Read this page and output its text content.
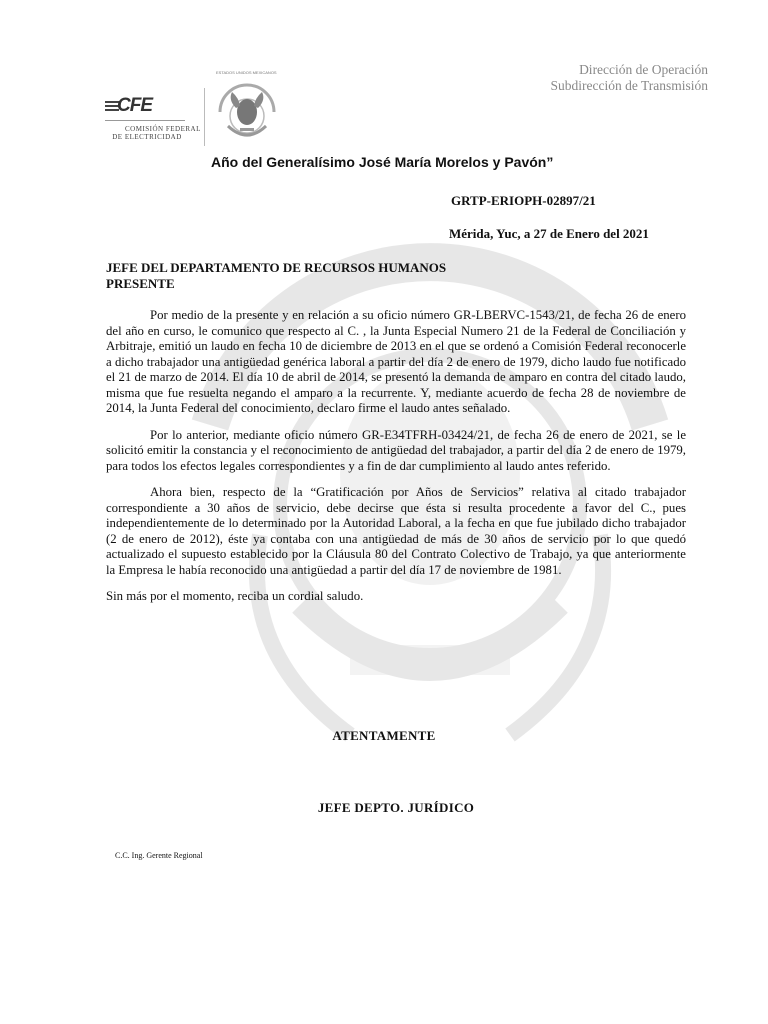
CFE
COMISIÓN FEDERAL
DE ELECTRICIDAD
ESTADOS UNIDOS MEXICANOS	Dirección de Operación
Subdirección de Transmisión
Año del Generalísimo José María Morelos y Pavón”
GRTP-ERIOPH-02897/21
Mérida, Yuc, a 27 de Enero del 2021
JEFE DEL DEPARTAMENTO DE RECURSOS HUMANOS
PRESENTE

Por medio de la presente y en relación a su oficio número GR-LBERVC-1543/21, de fecha 26 de enero del año en curso, le comunico que respecto al C. , la Junta Especial Numero 21 de la Federal de Conciliación y Arbitraje, emitió un laudo en fecha 10 de diciembre de 2013 en el que se ordenó a Comisión Federal reconocerle a dicho trabajador una antigüedad genérica laboral a partir del día 2 de enero de 1979, dicho laudo fue notificado el 21 de marzo de 2014. El día 10 de abril de 2014, se presentó la demanda de amparo en contra del citado laudo, misma que fue resuelta negando el amparo a la recurrente. Y, mediante acuerdo de fecha 28 de noviembre de 2014, la Junta Federal del conocimiento, declaro firme el laudo antes señalado.

Por lo anterior, mediante oficio número GR-E34TFRH-03424/21, de fecha 26 de enero de 2021, se le solicitó emitir la constancia y el reconocimiento de antigüedad del trabajador, a partir del día 2 de enero de 1979, para todos los efectos legales correspondientes y a fin de dar cumplimiento al laudo antes referido.

Ahora bien, respecto de la “Gratificación por Años de Servicios” relativa al citado trabajador correspondiente a 30 años de servicio, debe decirse que ésta si resulta procedente a favor del C., pues independientemente de lo determinado por la Autoridad Laboral, a la fecha en que fue jubilado dicho trabajador (2 de enero de 2012), éste ya contaba con una antigüedad de más de 30 años de servicio por lo que quedó actualizado el supuesto establecido por la Cláusula 80 del Contrato Colectivo de Trabajo, ya que anteriormente la Empresa le había reconocido una antigüedad a partir del día 17 de noviembre de 1981.

Sin más por el momento, reciba un cordial saludo.

ATENTAMENTE
JEFE DEPTO. JURÍDICO
C.C. Ing. Gerente Regional
